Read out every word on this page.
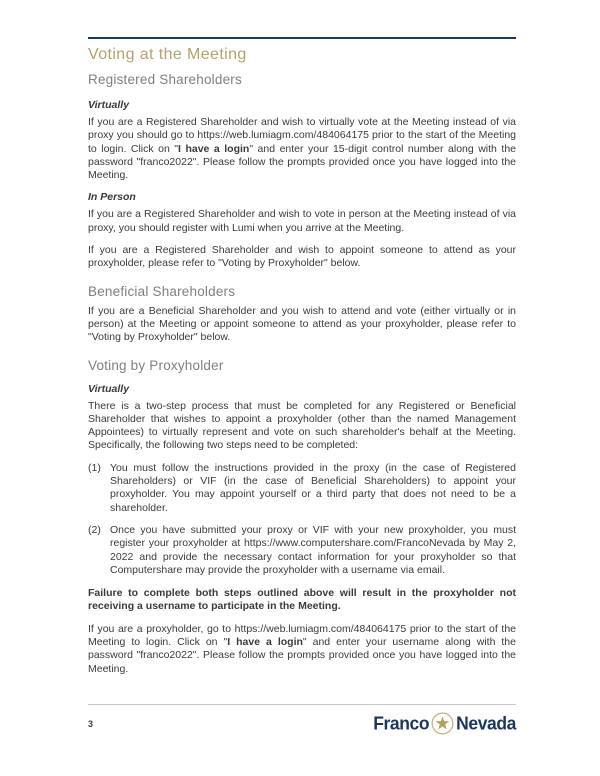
Voting at the Meeting
Registered Shareholders
Virtually

If you are a Registered Shareholder and wish to virtually vote at the Meeting instead of via proxy you should go to https://web.lumiagm.com/484064175 prior to the start of the Meeting to login. Click on "I have a login" and enter your 15-digit control number along with the password "franco2022". Please follow the prompts provided once you have logged into the Meeting.

In Person

If you are a Registered Shareholder and wish to vote in person at the Meeting instead of via proxy, you should register with Lumi when you arrive at the Meeting.

If you are a Registered Shareholder and wish to appoint someone to attend as your proxyholder, please refer to "Voting by Proxyholder" below.

Beneficial Shareholders

If you are a Beneficial Shareholder and you wish to attend and vote (either virtually or in person) at the Meeting or appoint someone to attend as your proxyholder, please refer to "Voting by Proxyholder" below.

Voting by Proxyholder
Virtually

There is a two-step process that must be completed for any Registered or Beneficial Shareholder that wishes to appoint a proxyholder (other than the named Management Appointees) to virtually represent and vote on such shareholder's behalf at the Meeting. Specifically, the following two steps need to be completed:

(1) You must follow the instructions provided in the proxy (in the case of Registered Shareholders) or VIF (in the case of Beneficial Shareholders) to appoint your proxyholder. You may appoint yourself or a third party that does not need to be a shareholder.
(2) Once you have submitted your proxy or VIF with your new proxyholder, you must register your proxyholder at https://www.computershare.com/FrancoNevada by May 2, 2022 and provide the necessary contact information for your proxyholder so that Computershare may provide the proxyholder with a username via email.

Failure to complete both steps outlined above will result in the proxyholder not receiving a username to participate in the Meeting.

If you are a proxyholder, go to https://web.lumiagm.com/484064175 prior to the start of the Meeting to login. Click on "I have a login" and enter your username along with the password "franco2022". Please follow the prompts provided once you have logged into the Meeting.

3	Franco Nevada
